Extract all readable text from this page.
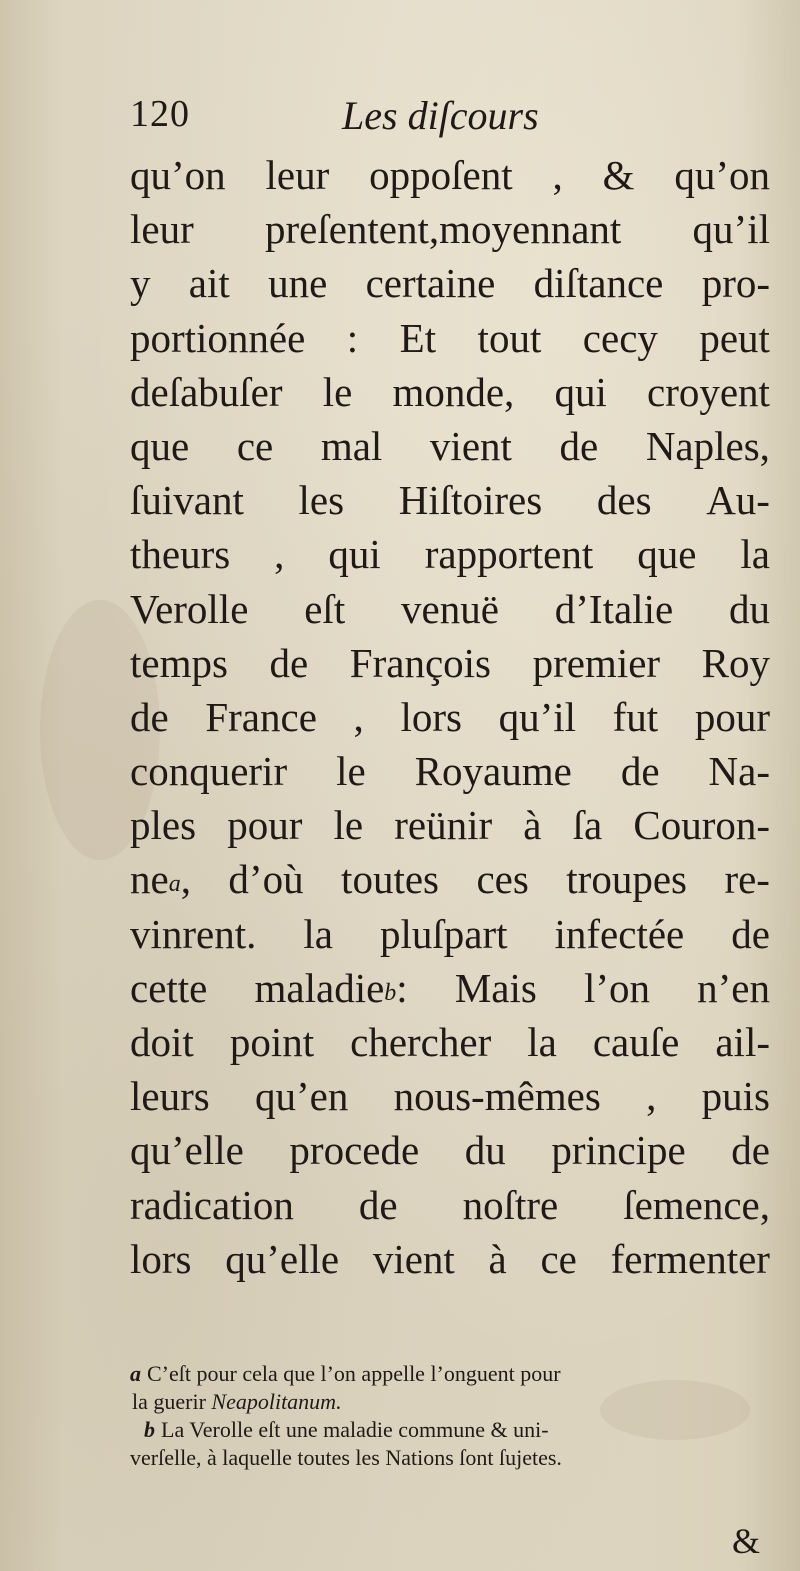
120	Les diſcours
qu’on leur oppoſent , & qu’on
leur preſentent,moyennant qu’il
y ait une certaine diſtance pro-
portionnée : Et tout cecy peut
deſabuſer le monde, qui croyent
que ce mal vient de Naples,
ſuivant les Hiſtoires des Au-
theurs , qui rapportent que la
Verolle eſt venuë d’Italie du
temps de François premier Roy
de France , lors qu’il fut pour
conquerir le Royaume de Na-
ples pour le reünir à ſa Couron-
nea, d’où toutes ces troupes re-
vinrent. la pluſpart infectée de
cette maladieb: Mais l’on n’en
doit point chercher la cauſe ail-
leurs qu’en nous-mêmes , puis
qu’elle procede du principe de
radication de noſtre ſemence,
lors qu’elle vient à ce fermenter
a C’eſt pour cela que l’on appelle l’onguent pour
la guerir Neapolitanum.
b La Verolle eſt une maladie commune & uni-
verſelle, à laquelle toutes les Nations ſont ſujetes.
&
